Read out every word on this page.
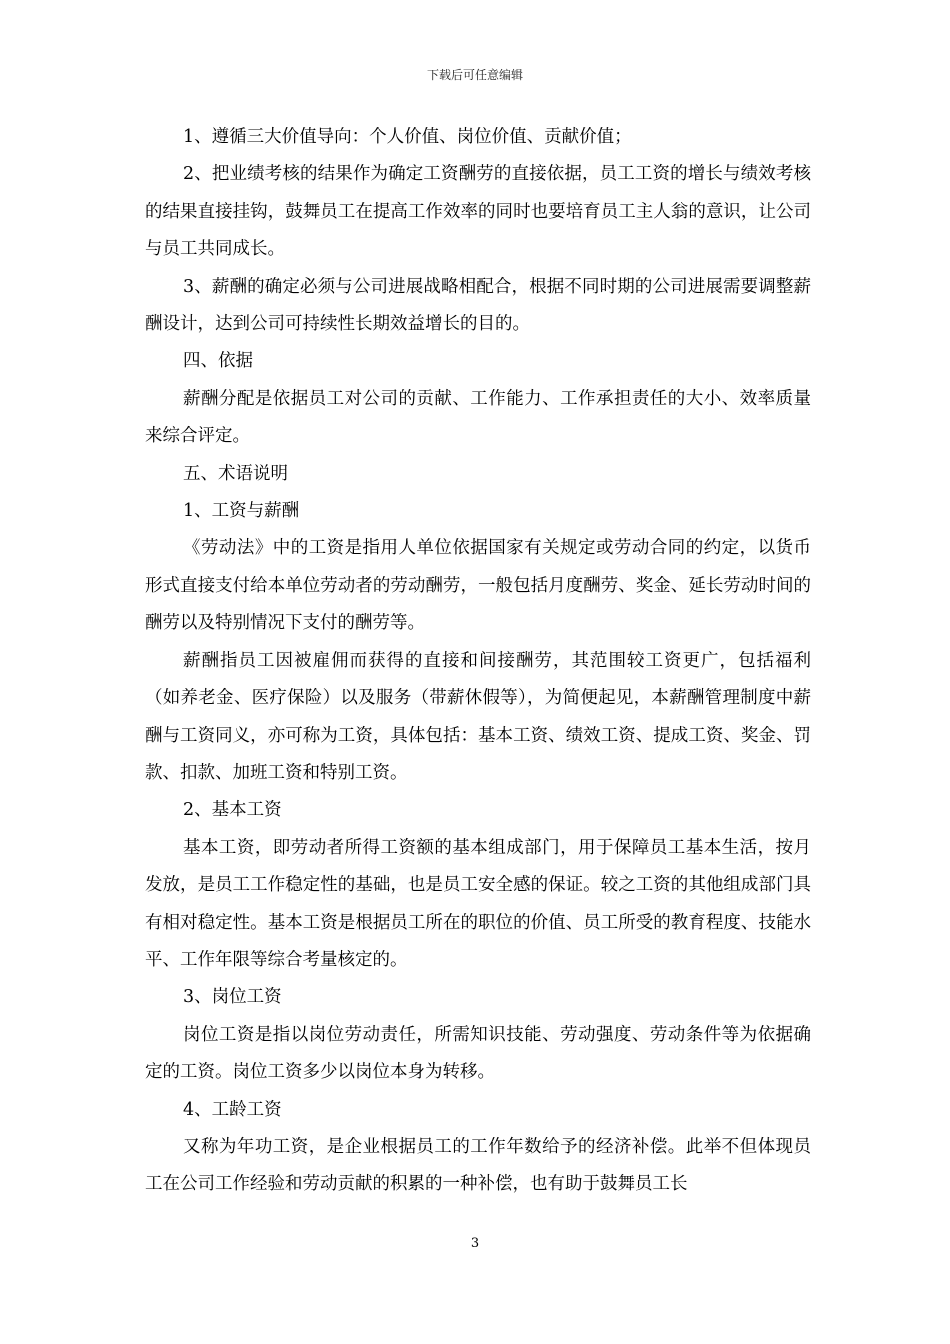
下载后可任意编辑

1、遵循三大价值导向：个人价值、岗位价值、贡献价值；

2、把业绩考核的结果作为确定工资酬劳的直接依据，员工工资的增长与绩效考核的结果直接挂钩，鼓舞员工在提高工作效率的同时也要培育员工主人翁的意识，让公司与员工共同成长。

3、薪酬的确定必须与公司进展战略相配合，根据不同时期的公司进展需要调整薪酬设计，达到公司可持续性长期效益增长的目的。

四、依据

薪酬分配是依据员工对公司的贡献、工作能力、工作承担责任的大小、效率质量来综合评定。

五、术语说明

1、工资与薪酬

《劳动法》中的工资是指用人单位依据国家有关规定或劳动合同的约定，以货币形式直接支付给本单位劳动者的劳动酬劳，一般包括月度酬劳、奖金、延长劳动时间的酬劳以及特别情况下支付的酬劳等。

薪酬指员工因被雇佣而获得的直接和间接酬劳，其范围较工资更广，包括福利（如养老金、医疗保险）以及服务（带薪休假等），为简便起见，本薪酬管理制度中薪酬与工资同义，亦可称为工资，具体包括：基本工资、绩效工资、提成工资、奖金、罚款、扣款、加班工资和特别工资。

2、基本工资

基本工资，即劳动者所得工资额的基本组成部门，用于保障员工基本生活，按月发放，是员工工作稳定性的基础，也是员工安全感的保证。较之工资的其他组成部门具有相对稳定性。基本工资是根据员工所在的职位的价值、员工所受的教育程度、技能水平、工作年限等综合考量核定的。

3、岗位工资

岗位工资是指以岗位劳动责任，所需知识技能、劳动强度、劳动条件等为依据确定的工资。岗位工资多少以岗位本身为转移。

4、工龄工资

又称为年功工资，是企业根据员工的工作年数给予的经济补偿。此举不但体现员工在公司工作经验和劳动贡献的积累的一种补偿，也有助于鼓舞员工长

3
